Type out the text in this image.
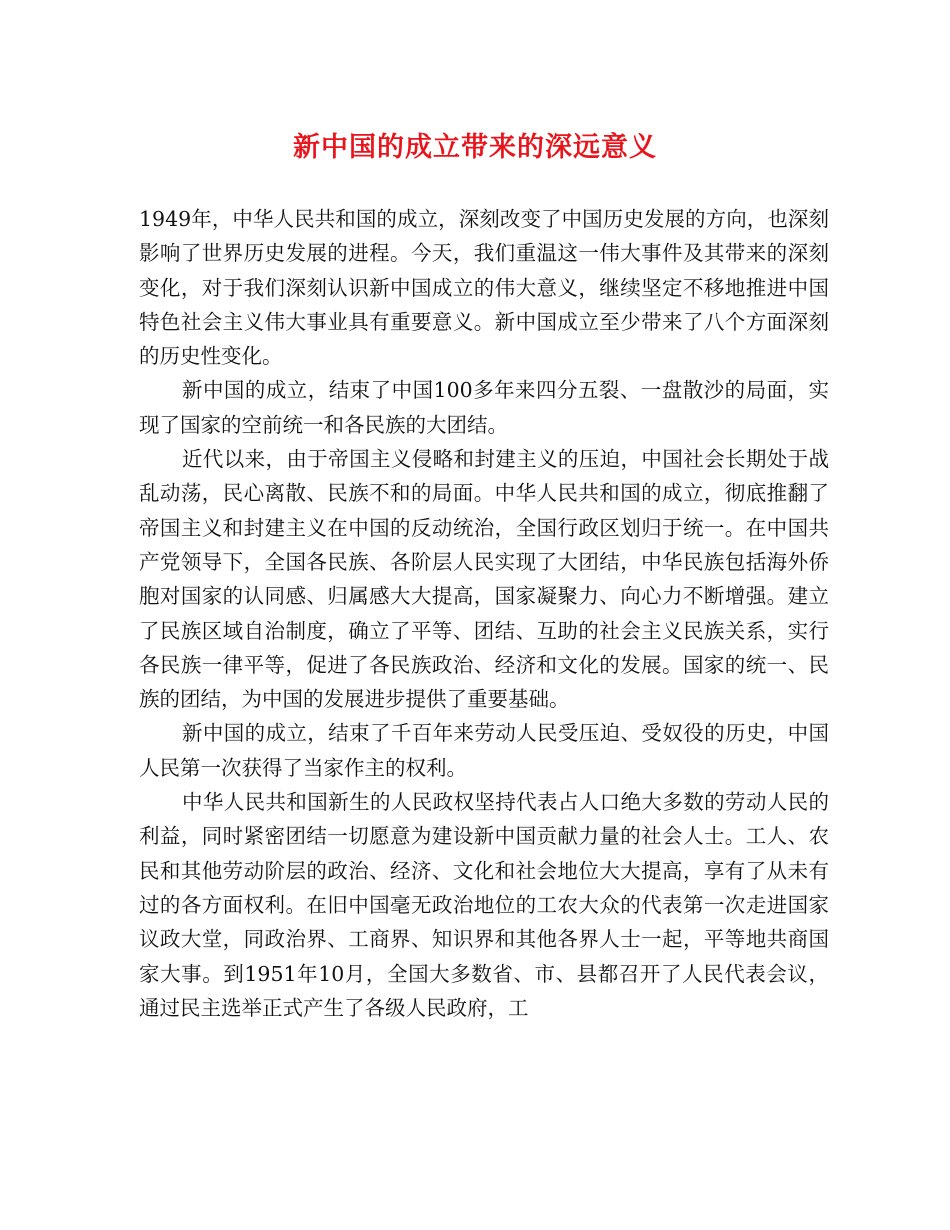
新中国的成立带来的深远意义

1949年，中华人民共和国的成立，深刻改变了中国历史发展的方向，也深刻影响了世界历史发展的进程。今天，我们重温这一伟大事件及其带来的深刻变化，对于我们深刻认识新中国成立的伟大意义，继续坚定不移地推进中国特色社会主义伟大事业具有重要意义。新中国成立至少带来了八个方面深刻的历史性变化。

新中国的成立，结束了中国100多年来四分五裂、一盘散沙的局面，实现了国家的空前统一和各民族的大团结。

近代以来，由于帝国主义侵略和封建主义的压迫，中国社会长期处于战乱动荡，民心离散、民族不和的局面。中华人民共和国的成立，彻底推翻了帝国主义和封建主义在中国的反动统治，全国行政区划归于统一。在中国共产党领导下，全国各民族、各阶层人民实现了大团结，中华民族包括海外侨胞对国家的认同感、归属感大大提高，国家凝聚力、向心力不断增强。建立了民族区域自治制度，确立了平等、团结、互助的社会主义民族关系，实行各民族一律平等，促进了各民族政治、经济和文化的发展。国家的统一、民族的团结，为中国的发展进步提供了重要基础。

新中国的成立，结束了千百年来劳动人民受压迫、受奴役的历史，中国人民第一次获得了当家作主的权利。

中华人民共和国新生的人民政权坚持代表占人口绝大多数的劳动人民的利益，同时紧密团结一切愿意为建设新中国贡献力量的社会人士。工人、农民和其他劳动阶层的政治、经济、文化和社会地位大大提高，享有了从未有过的各方面权利。在旧中国毫无政治地位的工农大众的代表第一次走进国家议政大堂，同政治界、工商界、知识界和其他各界人士一起，平等地共商国家大事。到1951年10月，全国大多数省、市、县都召开了人民代表会议，通过民主选举正式产生了各级人民政府，工
